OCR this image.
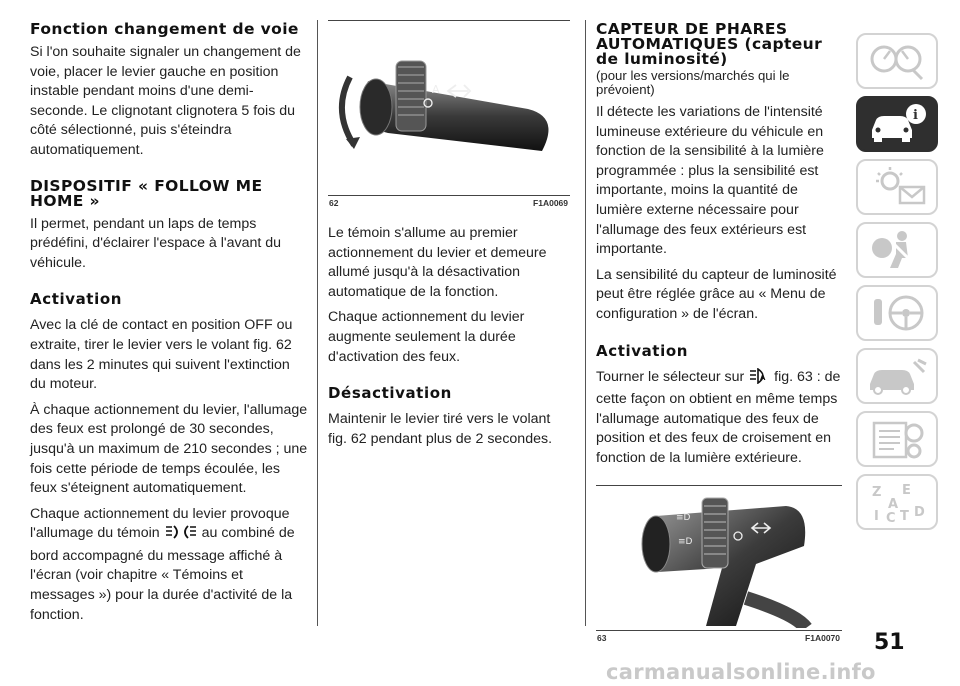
Fonction changement de voie

Si l'on souhaite signaler un changement de voie, placer le levier gauche en position instable pendant moins d'une demi-seconde. Le clignotant clignotera 5 fois du côté sélectionné, puis s'éteindra automatiquement.

DISPOSITIF « FOLLOW ME HOME »

Il permet, pendant un laps de temps prédéfini, d'éclairer l'espace à l'avant du véhicule.

Activation

Avec la clé de contact en position OFF ou extraite, tirer le levier vers le volant fig. 62 dans les 2 minutes qui suivent l'extinction du moteur.

À chaque actionnement du levier, l'allumage des feux est prolongé de 30 secondes, jusqu'à un maximum de 210 secondes ; une fois cette période de temps écoulée, les feux s'éteignent automatiquement.

Chaque actionnement du levier provoque l'allumage du témoin	au combiné de bord accompagné du message affiché à l'écran (voir chapitre « Témoins et messages ») pour la durée d'activité de la fonction.

A
62	F1A0069

Le témoin s'allume au premier actionnement du levier et demeure allumé jusqu'à la désactivation automatique de la fonction.

Chaque actionnement du levier augmente seulement la durée d'activation des feux.

Désactivation

Maintenir le levier tiré vers le volant fig. 62 pendant plus de 2 secondes.

CAPTEUR DE PHARES AUTOMATIQUES (capteur de luminosité)

(pour les versions/marchés qui le prévoient)

Il détecte les variations de l'intensité lumineuse extérieure du véhicule en fonction de la sensibilité à la lumière programmée : plus la sensibilité est importante, moins la quantité de lumière externe nécessaire pour l'allumage des feux extérieurs est importante.

La sensibilité du capteur de luminosité peut être réglée grâce au « Menu de configuration » de l'écran.

Activation

Tourner le sélecteur sur A fig. 63 : de cette façon on obtient en même temps l'allumage automatique des feux de position et des feux de croisement en fonction de la lumière extérieure.

≡D
≡D
63	F1A0070
i
Z E
A
I C T D
51
carmanualsonline.info
